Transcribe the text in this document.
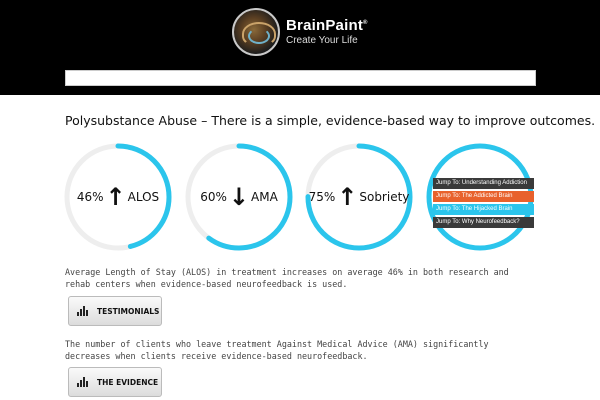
BrainPaint®
Create Your Life
Polysubstance Abuse – There is a simple, evidence-based way to improve outcomes.
46% ↑ ALOS	60% ↓ AMA	75% ↑ Sobriety
Jump To: Understanding Addiction
Jump To: The Addicted Brain
Jump To: The Hijacked Brain
Jump To: Why Neurofeedback?

Average Length of Stay (ALOS) in treatment increases on average 46% in both research and rehab centers when evidence-based neurofeedback is used.

TESTIMONIALS

The number of clients who leave treatment Against Medical Advice (AMA) significantly decreases when clients receive evidence-based neurofeedback.

THE EVIDENCE
